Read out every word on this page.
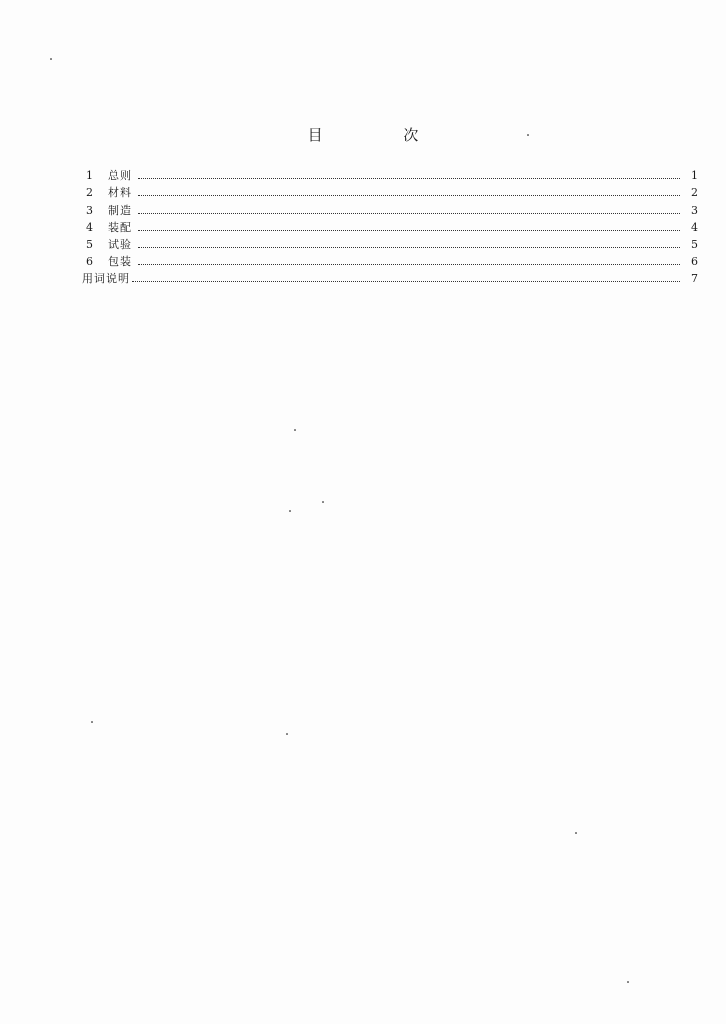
目 次
1	总则	1
2	材料	2
3	制造	3
4	装配	4
5	试验	5
6	包装	6
用词说明	7
